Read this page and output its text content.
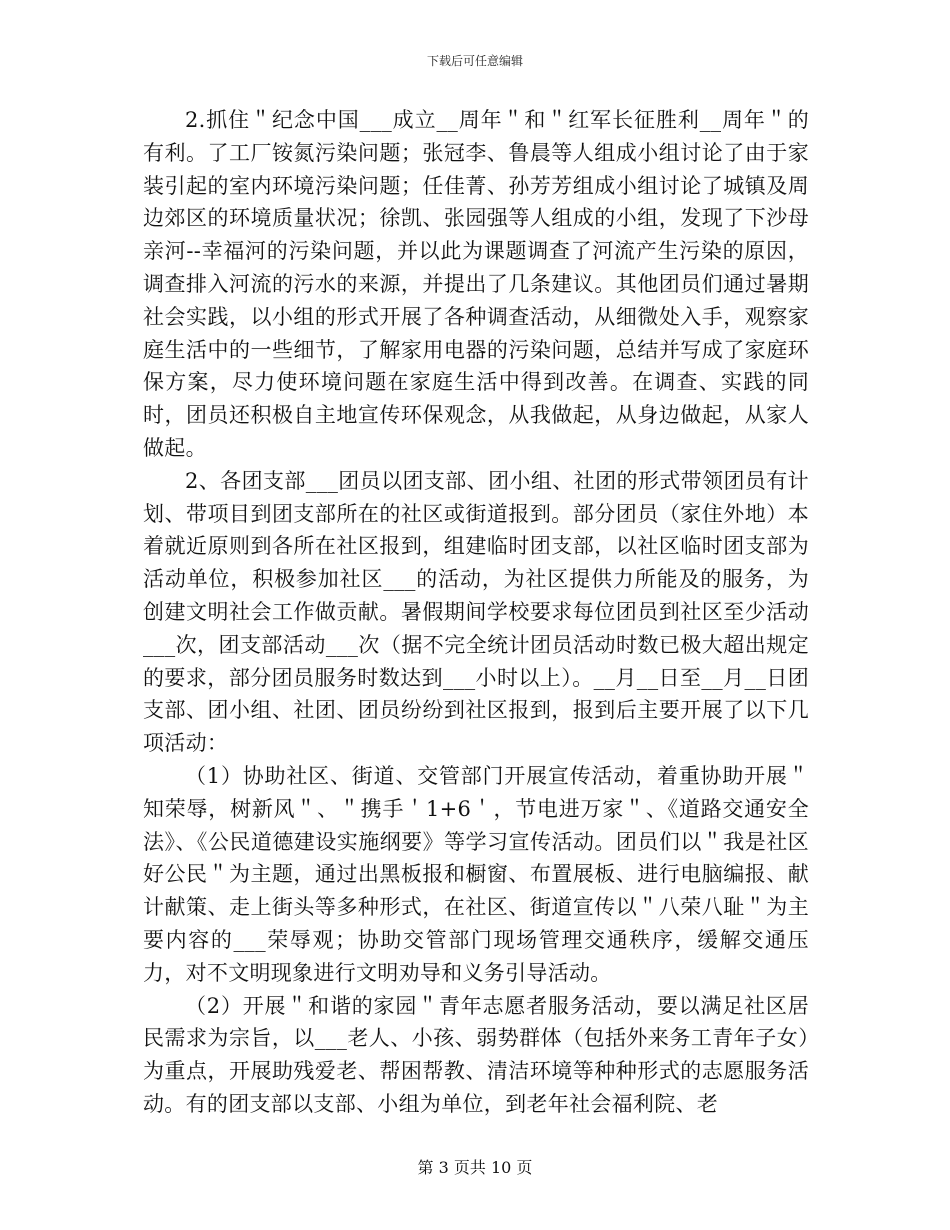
下载后可任意编辑

2.抓住＂纪念中国___成立__周年＂和＂红军长征胜利__周年＂的有利。了工厂铵氮污染问题；张冠李、鲁晨等人组成小组讨论了由于家装引起的室内环境污染问题；任佳菁、孙芳芳组成小组讨论了城镇及周边郊区的环境质量状况；徐凯、张园强等人组成的小组，发现了下沙母亲河--幸福河的污染问题，并以此为课题调查了河流产生污染的原因，调查排入河流的污水的来源，并提出了几条建议。其他团员们通过暑期社会实践，以小组的形式开展了各种调查活动，从细微处入手，观察家庭生活中的一些细节，了解家用电器的污染问题，总结并写成了家庭环保方案，尽力使环境问题在家庭生活中得到改善。在调查、实践的同时，团员还积极自主地宣传环保观念，从我做起，从身边做起，从家人做起。

2、各团支部___团员以团支部、团小组、社团的形式带领团员有计划、带项目到团支部所在的社区或街道报到。部分团员（家住外地）本着就近原则到各所在社区报到，组建临时团支部，以社区临时团支部为活动单位，积极参加社区___的活动，为社区提供力所能及的服务，为创建文明社会工作做贡献。暑假期间学校要求每位团员到社区至少活动___次，团支部活动___次（据不完全统计团员活动时数已极大超出规定的要求，部分团员服务时数达到___小时以上）。__月__日至__月__日团支部、团小组、社团、团员纷纷到社区报到，报到后主要开展了以下几项活动：

（1）协助社区、街道、交管部门开展宣传活动，着重协助开展＂知荣辱，树新风＂、＂携手＇1+6＇，节电进万家＂、《道路交通安全法》、《公民道德建设实施纲要》等学习宣传活动。团员们以＂我是社区好公民＂为主题，通过出黑板报和橱窗、布置展板、进行电脑编报、献计献策、走上街头等多种形式，在社区、街道宣传以＂八荣八耻＂为主要内容的___荣辱观；协助交管部门现场管理交通秩序，缓解交通压力，对不文明现象进行文明劝导和义务引导活动。

（2）开展＂和谐的家园＂青年志愿者服务活动，要以满足社区居民需求为宗旨，以___老人、小孩、弱势群体（包括外来务工青年子女）为重点，开展助残爱老、帮困帮教、清洁环境等种种形式的志愿服务活动。有的团支部以支部、小组为单位，到老年社会福利院、老

第 3 页共 10 页
